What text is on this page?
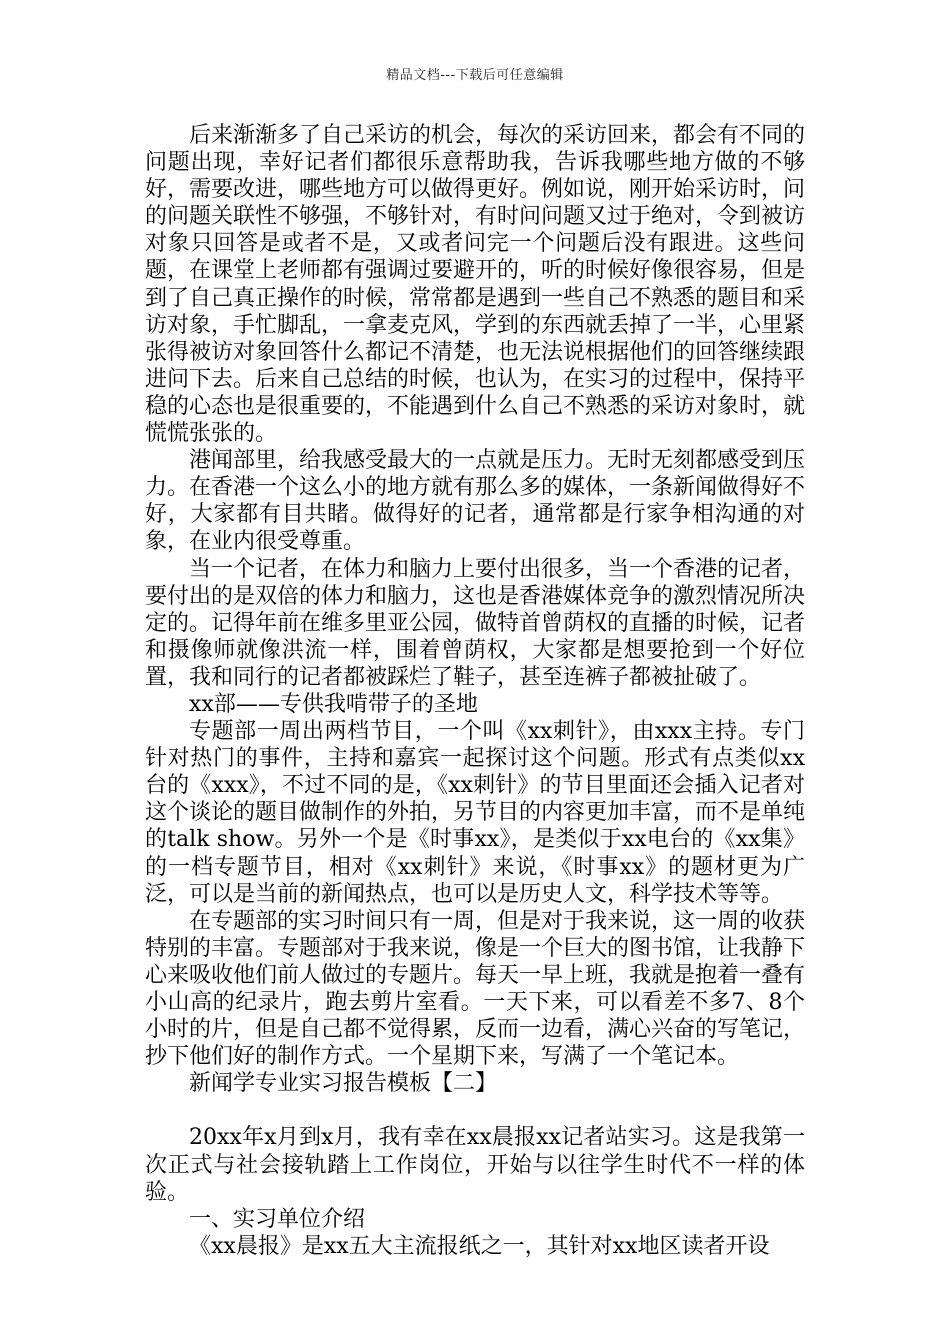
精品文档---下载后可任意编辑

后来渐渐多了自己采访的机会，每次的采访回来，都会有不同的问题出现，幸好记者们都很乐意帮助我，告诉我哪些地方做的不够好，需要改进，哪些地方可以做得更好。例如说，刚开始采访时，问的问题关联性不够强，不够针对，有时问问题又过于绝对，令到被访对象只回答是或者不是，又或者问完一个问题后没有跟进。这些问题，在课堂上老师都有强调过要避开的，听的时候好像很容易，但是到了自己真正操作的时候，常常都是遇到一些自己不熟悉的题目和采访对象，手忙脚乱，一拿麦克风，学到的东西就丢掉了一半，心里紧张得被访对象回答什么都记不清楚，也无法说根据他们的回答继续跟进问下去。后来自己总结的时候，也认为，在实习的过程中，保持平稳的心态也是很重要的，不能遇到什么自己不熟悉的采访对象时，就慌慌张张的。

港闻部里，给我感受最大的一点就是压力。无时无刻都感受到压力。在香港一个这么小的地方就有那么多的媒体，一条新闻做得好不好，大家都有目共睹。做得好的记者，通常都是行家争相沟通的对象，在业内很受尊重。

当一个记者，在体力和脑力上要付出很多，当一个香港的记者，要付出的是双倍的体力和脑力，这也是香港媒体竞争的激烈情况所决定的。记得年前在维多里亚公园，做特首曾荫权的直播的时候，记者和摄像师就像洪流一样，围着曾荫权，大家都是想要抢到一个好位置，我和同行的记者都被踩烂了鞋子，甚至连裤子都被扯破了。

xx部——专供我啃带子的圣地

专题部一周出两档节目，一个叫《xx刺针》，由xxx主持。专门针对热门的事件，主持和嘉宾一起探讨这个问题。形式有点类似xx台的《xxx》，不过不同的是，《xx刺针》的节目里面还会插入记者对这个谈论的题目做制作的外拍，另节目的内容更加丰富，而不是单纯的talk show。另外一个是《时事xx》，是类似于xx电台的《xx集》的一档专题节目，相对《xx刺针》来说，《时事xx》的题材更为广泛，可以是当前的新闻热点，也可以是历史人文，科学技术等等。

在专题部的实习时间只有一周，但是对于我来说，这一周的收获特别的丰富。专题部对于我来说，像是一个巨大的图书馆，让我静下心来吸收他们前人做过的专题片。每天一早上班，我就是抱着一叠有小山高的纪录片，跑去剪片室看。一天下来，可以看差不多7、8个小时的片，但是自己都不觉得累，反而一边看，满心兴奋的写笔记，抄下他们好的制作方式。一个星期下来，写满了一个笔记本。

新闻学专业实习报告模板【二】

20xx年x月到x月，我有幸在xx晨报xx记者站实习。这是我第一次正式与社会接轨踏上工作岗位，开始与以往学生时代不一样的体验。

一、实习单位介绍

《xx晨报》是xx五大主流报纸之一，其针对xx地区读者开设
